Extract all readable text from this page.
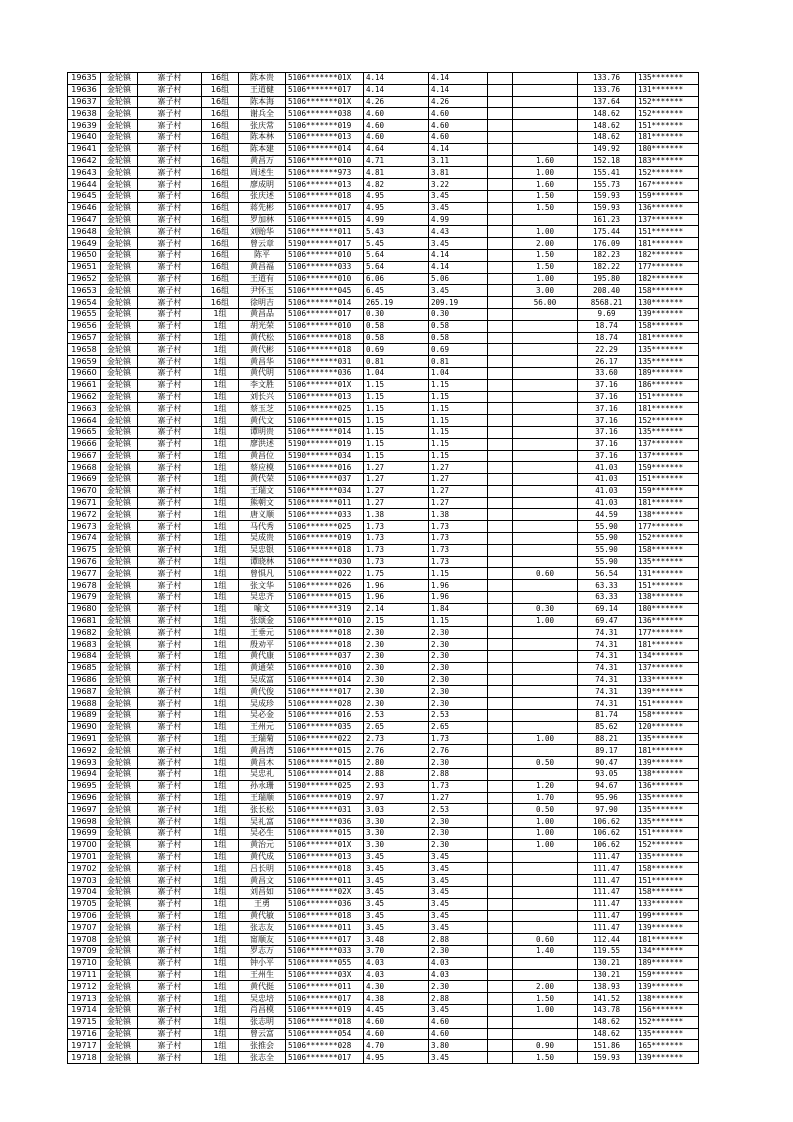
19635	金轮镇	寨子村	16组	陈本贵	5106*******01X	4.14	4.14			133.76	135*******
19636	金轮镇	寨子村	16组	王道健	5106*******017	4.14	4.14			133.76	131*******
19637	金轮镇	寨子村	16组	陈本海	5106*******01X	4.26	4.26			137.64	152*******
19638	金轮镇	寨子村	16组	谢兵全	5106*******038	4.60	4.60			148.62	152*******
19639	金轮镇	寨子村	16组	张庆常	5106*******019	4.60	4.60			148.62	151*******
19640	金轮镇	寨子村	16组	陈本林	5106*******013	4.60	4.60			148.62	181*******
19641	金轮镇	寨子村	16组	陈本建	5106*******014	4.64	4.14			149.92	180*******
19642	金轮镇	寨子村	16组	黄昌万	5106*******010	4.71	3.11		1.60	152.18	183*******
19643	金轮镇	寨子村	16组	周述生	5106*******973	4.81	3.81		1.00	155.41	152*******
19644	金轮镇	寨子村	16组	廖成明	5106*******013	4.82	3.22		1.60	155.73	167*******
19645	金轮镇	寨子村	16组	张庆述	5106*******018	4.95	3.45		1.50	159.93	159*******
19646	金轮镇	寨子村	16组	蒋先彬	5106*******017	4.95	3.45		1.50	159.93	136*******
19647	金轮镇	寨子村	16组	罗加林	5106*******015	4.99	4.99			161.23	137*******
19648	金轮镇	寨子村	16组	刘贻华	5106*******011	5.43	4.43		1.00	175.44	151*******
19649	金轮镇	寨子村	16组	曾云章	5190*******017	5.45	3.45		2.00	176.09	181*******
19650	金轮镇	寨子村	16组	陈平	5106*******010	5.64	4.14		1.50	182.23	182*******
19651	金轮镇	寨子村	16组	黄昌福	5106*******033	5.64	4.14		1.50	182.22	177*******
19652	金轮镇	寨子村	16组	王道有	5106*******010	6.06	5.06		1.00	195.80	182*******
19653	金轮镇	寨子村	16组	尹怀玉	5106*******045	6.45	3.45		3.00	208.40	158*******
19654	金轮镇	寨子村	16组	徐明吉	5106*******014	265.19	209.19		56.00	8568.21	130*******
19655	金轮镇	寨子村	1组	黄昌品	5106*******017	0.30	0.30			9.69	139*******
19656	金轮镇	寨子村	1组	胡光荣	5106*******010	0.58	0.58			18.74	158*******
19657	金轮镇	寨子村	1组	黄代松	5106*******018	0.58	0.58			18.74	181*******
19658	金轮镇	寨子村	1组	黄代彬	5106*******018	0.69	0.69			22.29	135*******
19659	金轮镇	寨子村	1组	黄昌华	5106*******031	0.81	0.81			26.17	135*******
19660	金轮镇	寨子村	1组	黄代明	5106*******036	1.04	1.04			33.60	189*******
19661	金轮镇	寨子村	1组	李文胜	5106*******01X	1.15	1.15			37.16	186*******
19662	金轮镇	寨子村	1组	刘长兴	5106*******013	1.15	1.15			37.16	151*******
19663	金轮镇	寨子村	1组	蔡玉芝	5106*******025	1.15	1.15			37.16	181*******
19664	金轮镇	寨子村	1组	黄代文	5106*******015	1.15	1.15			37.16	152*******
19665	金轮镇	寨子村	1组	谭明贵	5106*******014	1.15	1.15			37.16	135*******
19666	金轮镇	寨子村	1组	廖洪述	5190*******019	1.15	1.15			37.16	137*******
19667	金轮镇	寨子村	1组	黄昌位	5190*******034	1.15	1.15			37.16	137*******
19668	金轮镇	寨子村	1组	蔡应模	5106*******016	1.27	1.27			41.03	159*******
19669	金轮镇	寨子村	1组	黄代荣	5106*******037	1.27	1.27			41.03	151*******
19670	金轮镇	寨子村	1组	王瑞文	5106*******034	1.27	1.27			41.03	159*******
19671	金轮镇	寨子村	1组	熊朝文	5106*******011	1.27	1.27			41.03	181*******
19672	金轮镇	寨子村	1组	唐义顺	5106*******033	1.38	1.38			44.59	138*******
19673	金轮镇	寨子村	1组	马代秀	5106*******025	1.73	1.73			55.90	177*******
19674	金轮镇	寨子村	1组	吴成贵	5106*******019	1.73	1.73			55.90	152*******
19675	金轮镇	寨子村	1组	吴忠银	5106*******018	1.73	1.73			55.90	158*******
19676	金轮镇	寨子村	1组	谭晓林	5106*******030	1.73	1.73			55.90	135*******
19677	金轮镇	寨子村	1组	曾惧凡	5106*******022	1.75	1.15		0.60	56.54	131*******
19678	金轮镇	寨子村	1组	张文华	5106*******026	1.96	1.96			63.33	151*******
19679	金轮镇	寨子村	1组	吴忠齐	5106*******015	1.96	1.96			63.33	138*******
19680	金轮镇	寨子村	1组	喻文	5106*******319	2.14	1.84		0.30	69.14	180*******
19681	金轮镇	寨子村	1组	张颂金	5106*******010	2.15	1.15		1.00	69.47	136*******
19682	金轮镇	寨子村	1组	王垂元	5106*******018	2.30	2.30			74.31	177*******
19683	金轮镇	寨子村	1组	殷劝平	5106*******018	2.30	2.30			74.31	181*******
19684	金轮镇	寨子村	1组	黄代康	5106*******037	2.30	2.30			74.31	134*******
19685	金轮镇	寨子村	1组	黄通荣	5106*******010	2.30	2.30			74.31	137*******
19686	金轮镇	寨子村	1组	吴成富	5106*******014	2.30	2.30			74.31	133*******
19687	金轮镇	寨子村	1组	黄代俊	5106*******017	2.30	2.30			74.31	139*******
19688	金轮镇	寨子村	1组	吴成珍	5106*******028	2.30	2.30			74.31	151*******
19689	金轮镇	寨子村	1组	吴必金	5106*******016	2.53	2.53			81.74	158*******
19690	金轮镇	寨子村	1组	王州元	5106*******035	2.65	2.65			85.62	120*******
19691	金轮镇	寨子村	1组	王瑞菊	5106*******022	2.73	1.73		1.00	88.21	135*******
19692	金轮镇	寨子村	1组	黄昌湾	5106*******015	2.76	2.76			89.17	181*******
19693	金轮镇	寨子村	1组	黄昌木	5106*******015	2.80	2.30		0.50	90.47	139*******
19694	金轮镇	寨子村	1组	吴忠礼	5106*******014	2.88	2.88			93.05	138*******
19695	金轮镇	寨子村	1组	孙永珊	5190*******025	2.93	1.73		1.20	94.67	136*******
19696	金轮镇	寨子村	1组	王瑞顺	5106*******019	2.97	1.27		1.70	95.96	135*******
19697	金轮镇	寨子村	1组	张长松	5106*******031	3.03	2.53		0.50	97.90	135*******
19698	金轮镇	寨子村	1组	吴礼富	5106*******036	3.30	2.30		1.00	106.62	135*******
19699	金轮镇	寨子村	1组	吴必生	5106*******015	3.30	2.30		1.00	106.62	151*******
19700	金轮镇	寨子村	1组	黄治元	5106*******01X	3.30	2.30		1.00	106.62	152*******
19701	金轮镇	寨子村	1组	黄代成	5106*******013	3.45	3.45			111.47	135*******
19702	金轮镇	寨子村	1组	吕长明	5106*******018	3.45	3.45			111.47	158*******
19703	金轮镇	寨子村	1组	黄昌文	5106*******011	3.45	3.45			111.47	151*******
19704	金轮镇	寨子村	1组	刘昌如	5106*******02X	3.45	3.45			111.47	158*******
19705	金轮镇	寨子村	1组	王勇	5106*******036	3.45	3.45			111.47	133*******
19706	金轮镇	寨子村	1组	黄代敏	5106*******018	3.45	3.45			111.47	199*******
19707	金轮镇	寨子村	1组	张志友	5106*******011	3.45	3.45			111.47	139*******
19708	金轮镇	寨子村	1组	甯顺友	5106*******017	3.48	2.88		0.60	112.44	181*******
19709	金轮镇	寨子村	1组	罗志万	5106*******033	3.70	2.30		1.40	119.55	134*******
19710	金轮镇	寨子村	1组	钟小平	5106*******055	4.03	4.03			130.21	189*******
19711	金轮镇	寨子村	1组	王州生	5106*******03X	4.03	4.03			130.21	159*******
19712	金轮镇	寨子村	1组	黄代挺	5106*******011	4.30	2.30		2.00	138.93	139*******
19713	金轮镇	寨子村	1组	吴忠培	5106*******017	4.38	2.88		1.50	141.52	138*******
19714	金轮镇	寨子村	1组	肖昌模	5106*******019	4.45	3.45		1.00	143.78	156*******
19715	金轮镇	寨子村	1组	张志明	5106*******018	4.60	4.60			148.62	152*******
19716	金轮镇	寨子村	1组	曾云富	5106*******054	4.60	4.60			148.62	135*******
19717	金轮镇	寨子村	1组	张推会	5106*******028	4.70	3.80		0.90	151.86	165*******
19718	金轮镇	寨子村	1组	张志全	5106*******017	4.95	3.45		1.50	159.93	139*******
